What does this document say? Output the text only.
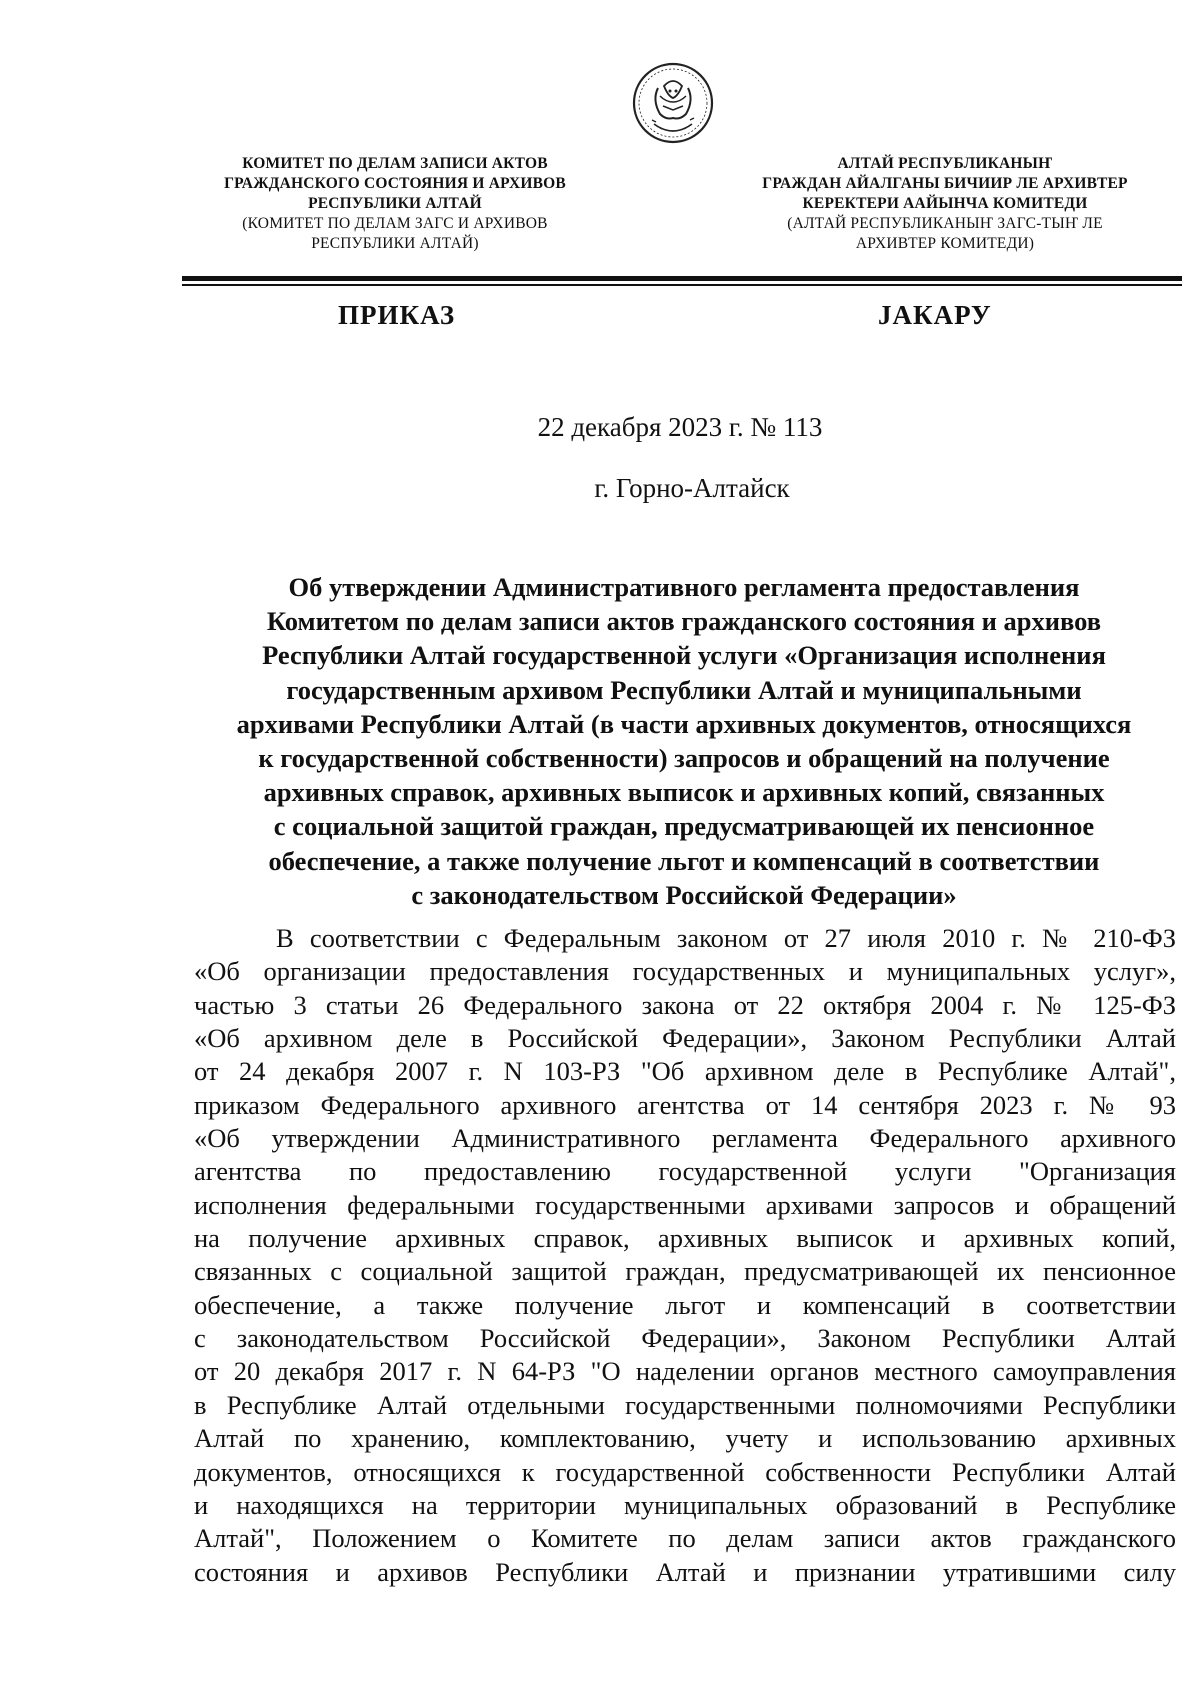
КОМИТЕТ ПО ДЕЛАМ ЗАПИСИ АКТОВ
ГРАЖДАНСКОГО СОСТОЯНИЯ И АРХИВОВ
РЕСПУБЛИКИ АЛТАЙ
(КОМИТЕТ ПО ДЕЛАМ ЗАГС И АРХИВОВ
РЕСПУБЛИКИ АЛТАЙ)
АЛТАЙ РЕСПУБЛИКАНЫҤ
ГРАЖДАН АЙАЛГАНЫ БИЧИИР ЛЕ АРХИВТЕР
КЕРЕКТЕРИ ААЙЫНЧА КОМИТЕДИ
(АЛТАЙ РЕСПУБЛИКАНЫҤ ЗАГС-ТЫҤ ЛЕ
АРХИВТЕР КОМИТЕДИ)
ПРИКАЗ	ЈАКАРУ
22 декабря 2023 г. № 113
г. Горно-Алтайск
Об утверждении Административного регламента предоставления
Комитетом по делам записи актов гражданского состояния и архивов
Республики Алтай государственной услуги «Организация исполнения
государственным архивом Республики Алтай и муниципальными
архивами Республики Алтай (в части архивных документов, относящихся
к государственной собственности) запросов и обращений на получение
архивных справок, архивных выписок и архивных копий, связанных
с социальной защитой граждан, предусматривающей их пенсионное
обеспечение, а также получение льгот и компенсаций в соответствии
с законодательством Российской Федерации»
В соответствии с Федеральным законом от 27 июля 2010 г. № 210-ФЗ
«Об организации предоставления государственных и муниципальных услуг»,
частью 3 статьи 26 Федерального закона от 22 октября 2004 г. № 125-ФЗ
«Об архивном деле в Российской Федерации», Законом Республики Алтай
от 24 декабря 2007 г. N 103-РЗ "Об архивном деле в Республике Алтай",
приказом Федерального архивного агентства от 14 сентября 2023 г. № 93
«Об утверждении Административного регламента Федерального архивного
агентства по предоставлению государственной услуги "Организация
исполнения федеральными государственными архивами запросов и обращений
на получение архивных справок, архивных выписок и архивных копий,
связанных с социальной защитой граждан, предусматривающей их пенсионное
обеспечение, а также получение льгот и компенсаций в соответствии
с законодательством Российской Федерации», Законом Республики Алтай
от 20 декабря 2017 г. N 64-РЗ "О наделении органов местного самоуправления
в Республике Алтай отдельными государственными полномочиями Республики
Алтай по хранению, комплектованию, учету и использованию архивных
документов, относящихся к государственной собственности Республики Алтай
и находящихся на территории муниципальных образований в Республике
Алтай", Положением о Комитете по делам записи актов гражданского
состояния и архивов Республики Алтай и признании утратившими силу
